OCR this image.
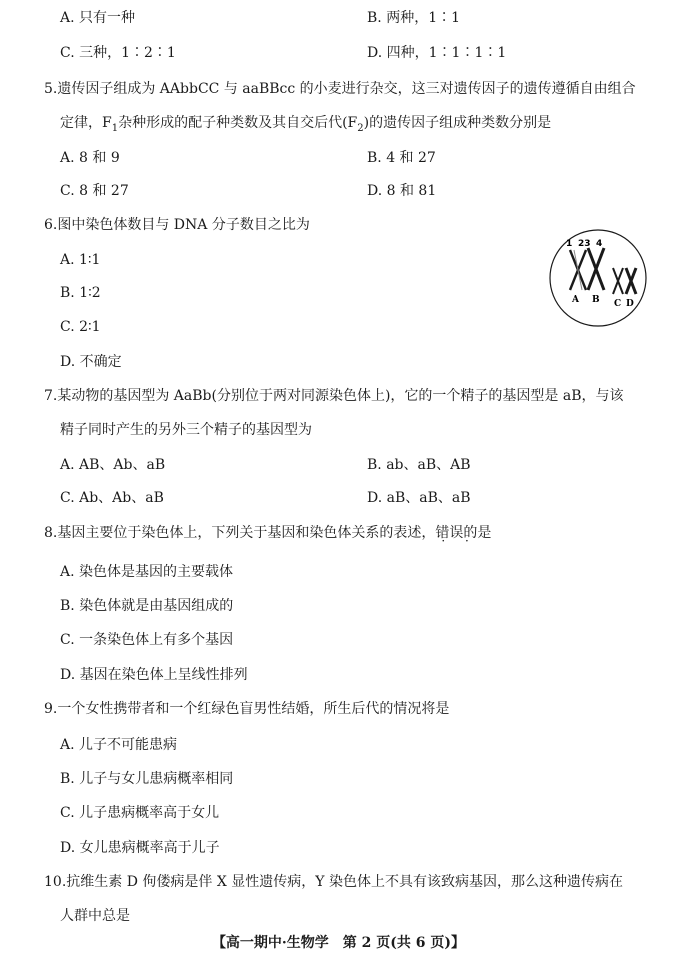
A. 只有一种	B. 两种，1∶1
C. 三种，1∶2∶1	D. 四种，1∶1∶1∶1
5.遗传因子组成为 AAbbCC 与 aaBBcc 的小麦进行杂交，这三对遗传因子的遗传遵循自由组合
定律，$F_1$杂种形成的配子种类数及其自交后代$(F_2)$的遗传因子组成种类数分别是
A. 8 和 9	B. 4 和 27
C. 8 和 27	D. 8 和 81
6.图中染色体数目与 DNA 分子数目之比为
A. 1∶1
B. 1∶2
C. 2∶1
D. 不确定
1 23 4
A B C D
7.某动物的基因型为 AaBb(分别位于两对同源染色体上)，它的一个精子的基因型是 aB，与该
精子同时产生的另外三个精子的基因型为
A. AB、Ab、aB	B. ab、aB、AB
C. Ab、Ab、aB	D. aB、aB、aB
8.基因主要位于染色体上，下列关于基因和染色体关系的表述，错误 · ·的是
A. 染色体是基因的主要载体
B. 染色体就是由基因组成的
C. 一条染色体上有多个基因
D. 基因在染色体上呈线性排列
9.一个女性携带者和一个红绿色盲男性结婚，所生后代的情况将是
A. 儿子不可能患病
B. 儿子与女儿患病概率相同
C. 儿子患病概率高于女儿
D. 女儿患病概率高于儿子
10.抗维生素 D 佝偻病是伴 X 显性遗传病，Y 染色体上不具有该致病基因，那么这种遗传病在
人群中总是
【高一期中·生物学　第 2 页(共 6 页)】
